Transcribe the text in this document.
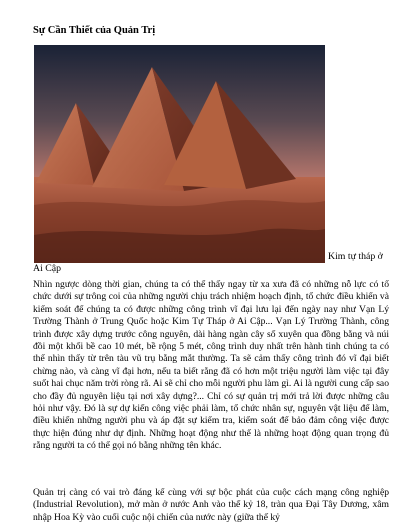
Sự Cần Thiết của Quản Trị
Kim tự tháp ở
Ai Cập

Nhìn ngược dòng thời gian, chúng ta có thể thấy ngay từ xa xưa đã có những nỗ lực có tổ chức dưới sự trông coi của những người chịu trách nhiệm hoạch định, tổ chức điều khiển và kiểm soát để chúng ta có được những công trình vĩ đại lưu lại đến ngày nay như Vạn Lý Trường Thành ở Trung Quốc hoặc Kim Tự Tháp ở Ai Cập... Vạn Lý Trường Thành, công trình được xây dựng trước công nguyên, dài hàng ngàn cây số xuyên qua đồng bằng và núi đồi một khối bề cao 10 mét, bề rộng 5 mét, công trình duy nhất trên hành tinh chúng ta có thể nhìn thấy từ trên tàu vũ trụ bằng mắt thường. Ta sẽ cảm thấy công trình đó vĩ đại biết chừng nào, và càng vĩ đại hơn, nếu ta biết rằng đã có hơn một triệu người làm việc tại đây suốt hai chục năm trời ròng rã. Ai sẽ chỉ cho mỗi người phu làm gì. Ai là người cung cấp sao cho đầy đủ nguyên liệu tại nơi xây dựng?... Chỉ có sự quản trị mới trả lời được những câu hỏi như vậy. Đó là sự dự kiến công việc phải làm, tổ chức nhân sự, nguyên vật liệu để làm, điều khiển những người phu và áp đặt sự kiểm tra, kiểm soát để bảo đảm công việc được thực hiện đúng như dự định. Những hoạt động như thế là những hoạt động quan trọng đủ rằng người ta có thể gọi nó bằng những tên khác.

Quản trị càng có vai trò đáng kể cùng với sự bộc phát của cuộc cách mạng công nghiệp (Industrial Revolution), mở màn ở nước Anh vào thế kỷ 18, tràn qua Đại Tây Dương, xâm nhập Hoa Kỳ vào cuối cuộc nội chiến của nước này (giữa thế kỷ
